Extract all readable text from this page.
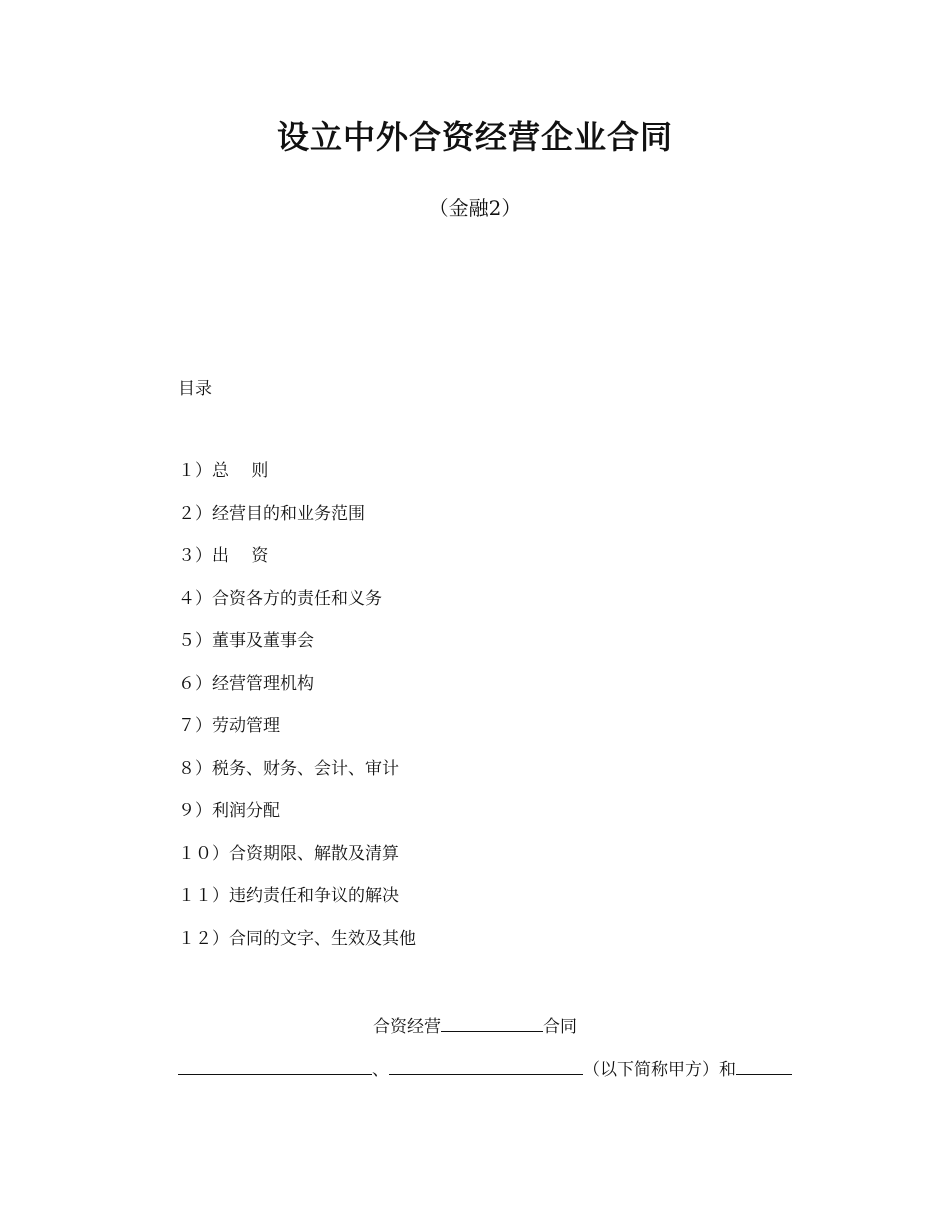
设立中外合资经营企业合同
（金融2）
目录
１）总　 则
２）经营目的和业务范围
３）出　 资
４）合资各方的责任和义务
５）董事及董事会
６）经营管理机构
７）劳动管理
８）税务、财务、会计、审计
９）利润分配
１０）合资期限、解散及清算
１１）违约责任和争议的解决
１２）合同的文字、生效及其他
合资经营	合同
、	（以下简称甲方）和
